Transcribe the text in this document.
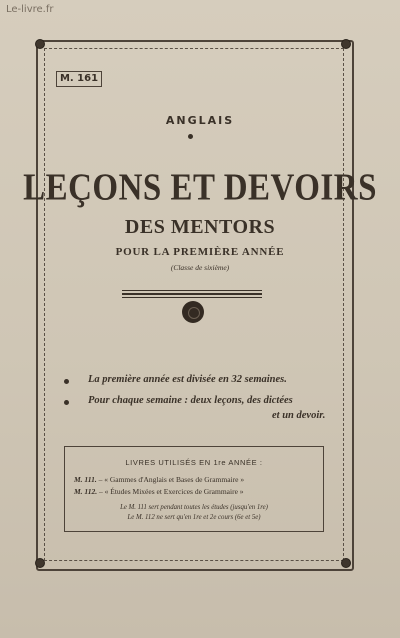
Le-livre.fr
M. 161
ANGLAIS
LEÇONS ET DEVOIRS
DES MENTORS
POUR LA PREMIÈRE ANNÉE
(Classe de sixième)
La première année est divisée en 32 semaines.
Pour chaque semaine : deux leçons, des dictées
et un devoir.
LIVRES UTILISÉS EN 1re ANNÉE :
M. 111. – « Gammes d'Anglais et Bases de Grammaire »
M. 112. – « Études Mixées et Exercices de Grammaire »
Le M. 111 sert pendant toutes les études (jusqu'en 1re)
Le M. 112 ne sert qu'en 1re et 2e cours (6e et 5e)
